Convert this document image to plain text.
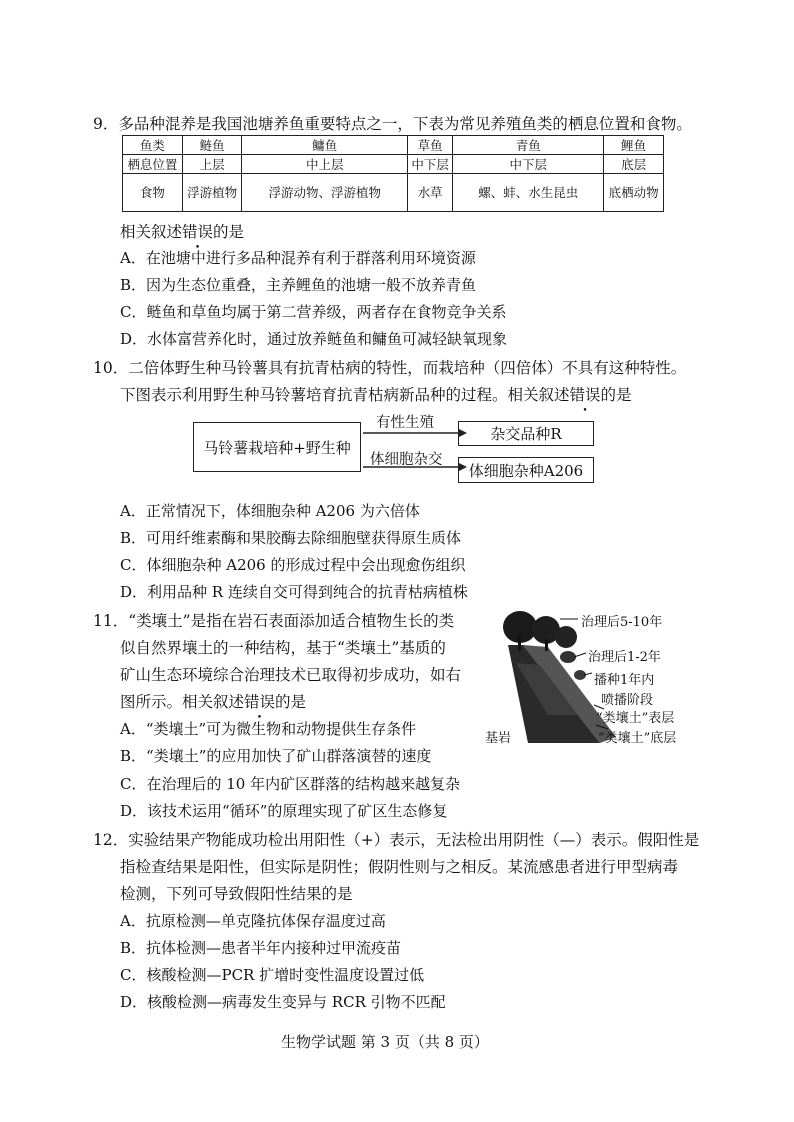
9．多品种混养是我国池塘养鱼重要特点之一，下表为常见养殖鱼类的栖息位置和食物。
鱼类	鲢鱼	鳙鱼	草鱼	青鱼	鲤鱼
栖息位置	上层	中上层	中下层	中下层	底层
食物	浮游植物	浮游动物、浮游植物	水草	螺、蚌、水生昆虫	底栖动物
相关叙述错误的是
A．在池塘中进行多品种混养有利于群落利用环境资源
B．因为生态位重叠，主养鲤鱼的池塘一般不放养青鱼
C．鲢鱼和草鱼均属于第二营养级，两者存在食物竞争关系
D．水体富营养化时，通过放养鲢鱼和鳙鱼可减轻缺氧现象
10．二倍体野生种马铃薯具有抗青枯病的特性，而栽培种（四倍体）不具有这种特性。
下图表示利用野生种马铃薯培育抗青枯病新品种的过程。相关叙述错误的是
马铃薯栽培种+野生种
有性生殖
体细胞杂交
杂交品种R
体细胞杂种A206
A．正常情况下，体细胞杂种 A206 为六倍体
B．可用纤维素酶和果胶酶去除细胞壁获得原生质体
C．体细胞杂种 A206 的形成过程中会出现愈伤组织
D．利用品种 R 连续自交可得到纯合的抗青枯病植株
11．“类壤土”是指在岩石表面添加适合植物生长的类
似自然界壤土的一种结构，基于“类壤土”基质的
矿山生态环境综合治理技术已取得初步成功，如右
图所示。相关叙述错误的是
A．“类壤土”可为微生物和动物提供生存条件
B．“类壤土”的应用加快了矿山群落演替的速度
C．在治理后的 10 年内矿区群落的结构越来越复杂
D．该技术运用“循环”的原理实现了矿区生态修复
治理后5-10年
治理后1-2年
播种1年内
喷播阶段
“类壤土”表层
基岩	“类壤土”底层
12．实验结果产物能成功检出用阳性（+）表示，无法检出用阴性（—）表示。假阳性是
指检查结果是阳性，但实际是阴性；假阴性则与之相反。某流感患者进行甲型病毒
检测，下列可导致假阳性结果的是
A．抗原检测—单克隆抗体保存温度过高
B．抗体检测—患者半年内接种过甲流疫苗
C．核酸检测—PCR 扩增时变性温度设置过低
D．核酸检测—病毒发生变异与 RCR 引物不匹配
生物学试题 第 3 页（共 8 页）
